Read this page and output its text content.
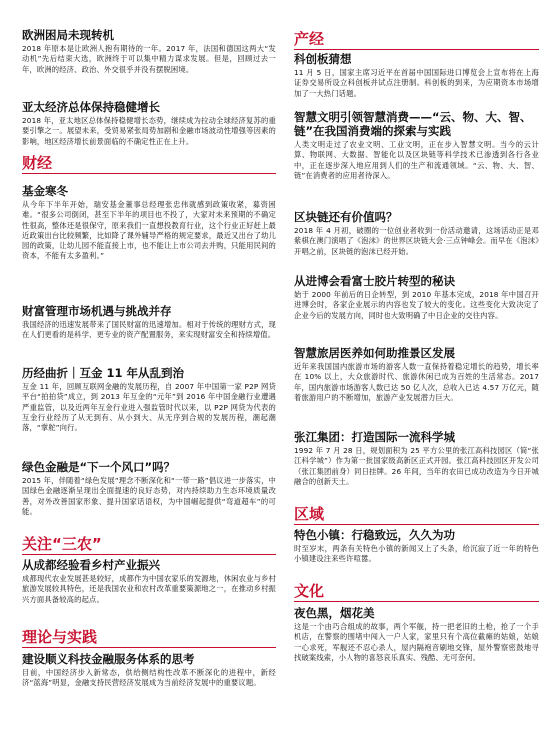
欧洲困局未现转机

2018 年原本是让欧洲人抱有期待的一年。2017 年，法国和德国这两大“发动机”先后结束大选，欧洲终于可以集中精力谋求发展。但是，回顾过去一年，欧洲的经济、政治、外交很乎并没有摆脱困境。

亚太经济总体保持稳健增长

2018 年，亚太地区总体保持稳健增长态势，继续成为拉动全球经济复苏的重要引擎之一。展望未来，受贸易紧张局势加剧和金融市场波动性增强等因素的影响，地区经济增长前景面临的不确定性正在上升。

财经

基金寒冬

从今年下半年开始，瑞安基金董事总经理张忠伟就感到政策收紧，募资困难。“很多公司倒闭，甚至下半年的项目也不投了，大家对未来预期的不确定性很高，整体还是很保守，原来我们一直想投教育行业，这个行业正好赶上最近政策出台比较频繁，比如降了课外辅导严格的规定要求，最近又出台了幼儿园的政策，让幼儿园不能直接上市，也不能让上市公司去并购，只能用民间的资本，不能有太多盈利。”

财富管理市场机遇与挑战并存

我国经济的迅速发展带来了国民财富的迅速增加。相对于传统的理财方式，现在人们更看的是科学、更专业的资产配置服务，来实现财富安全和持续增值。

历经曲折｜互金 11 年从乱到治

互金 11 年，回顾互联网金融的发展历程，自 2007 年中国第一家 P2P 网贷平台“拍拍贷”成立，到 2013 年互金的“元年”到 2016 年中国金融行业遭遇严重监管，以及近两年互金行业进入强监管时代以来，以 P2P 网贷为代表的互金行业经历了从无到有、从小到大、从无序到合规的发展历程，潮起潮落，“掌舵”向行。

绿色金融是“下一个风口”吗？

2015 年，伴随着“绿色发展”理念不断深化和“一带一路”倡议进一步落实，中国绿色金融逐渐呈现出全面提速的良好态势，对内持续助力生态环境质量改善，对外改善国家形象、提升国家话语权，为中国崛起提供“弯道超车”的可能。

关注“三农”

从成都经验看乡村产业振兴

成都现代农业发展甚是较好，成都作为中国农家乐的发源地，休闲农业与乡村旅游发展较具特色，还是我国农业和农村改革重要策源地之一，在推动乡村振兴方面具备较高的起点。

理论与实践

建设顺义科技金融服务体系的思考

目前，中国经济步入新常态，供给侧结构性改革不断深化的进程中，新经济“蓝海”明显，金融支持民营经济发展成为当前经济发展中的重要议题。

产经

科创板猜想

11 月 5 日，国家主席习近平在首届中国国际进口博览会上宣布将在上海证券交易所设立科创板并试点注册制。科创板的到来，为应期资本市场增加了一大热门话题。

智慧文明引领智慧消费——“云、物、大、智、链”在我国消费端的探索与实践

人类文明走过了农业文明、工业文明，正在步入智慧文明。当今的云计算、物联网、大数据、智能化以及区块链等科学技术已渗透到各行各业中，正在逐步深入地应用到人们的生产和流通领域。“云、物、大、智、链”在消费者的应用者待深入。

区块链还有价值吗？

2018 年 4 月初，破圈的一位创业者收到一份活动邀请，这场活动正是邓紫棋在澳门演唱了《泡沫》的世界区块链大会·三点钟峰会。而早在《泡沫》开唱之前，区块链的泡沫已经开始。

从进博会看富士胶片转型的秘诀

始于 2000 年前后的日企转型，到 2010 年基本完成，2018 年中国召开进博会时，各家企业展示的内容也发了较大的变化。这些变化大致决定了企业今后的发展方向，同时也大致明确了中日企业的交往内容。

智慧旅居医养如何助推景区发展

近年来我国国内旅游市场的游客人数一直保持着稳定增长的趋势，增长率在 10% 以上，大众旅游时代、旅游休闲已成为百姓的生活常态。2017 年，国内旅游市场游客人数已达 50 亿人次，总收入已达 4.57 万亿元，随着旅游用户的不断增加，旅游产业发展潜力巨大。

张江集团：打造国际一流科学城

1992 年 7 月 28 日，规划面积为 25 平方公里的张江高科技园区（简“张江科学城”）作为第一批国家级高新区正式开园。张江高科技园区开发公司（张江集团前身）同日挂牌。26 年间，当年的农田已成功改造为今日开城融合的创新天土。

区域

特色小镇：行稳致远，久久为功

时至岁末，两条有关特色小镇的新闻又上了头条，给沉寂了近一年的特色小镇建设注来些许喧嚣。

文化

夜色黑，烟花美

这是一个由巧合组成的故事，两个军舰，持一把老旧的土枪，抢了一个手机店，在警察的围堵中闯入一户人家，家里只有个高位截瘫的姑娘，姑娘一心求死，军舰还不忍心杀人，屋内隔袍音刷地交锋，屋外警察密鼓地寻找破案线索，小人物的喜怒哀乐真实、残酷、无可奈何。
